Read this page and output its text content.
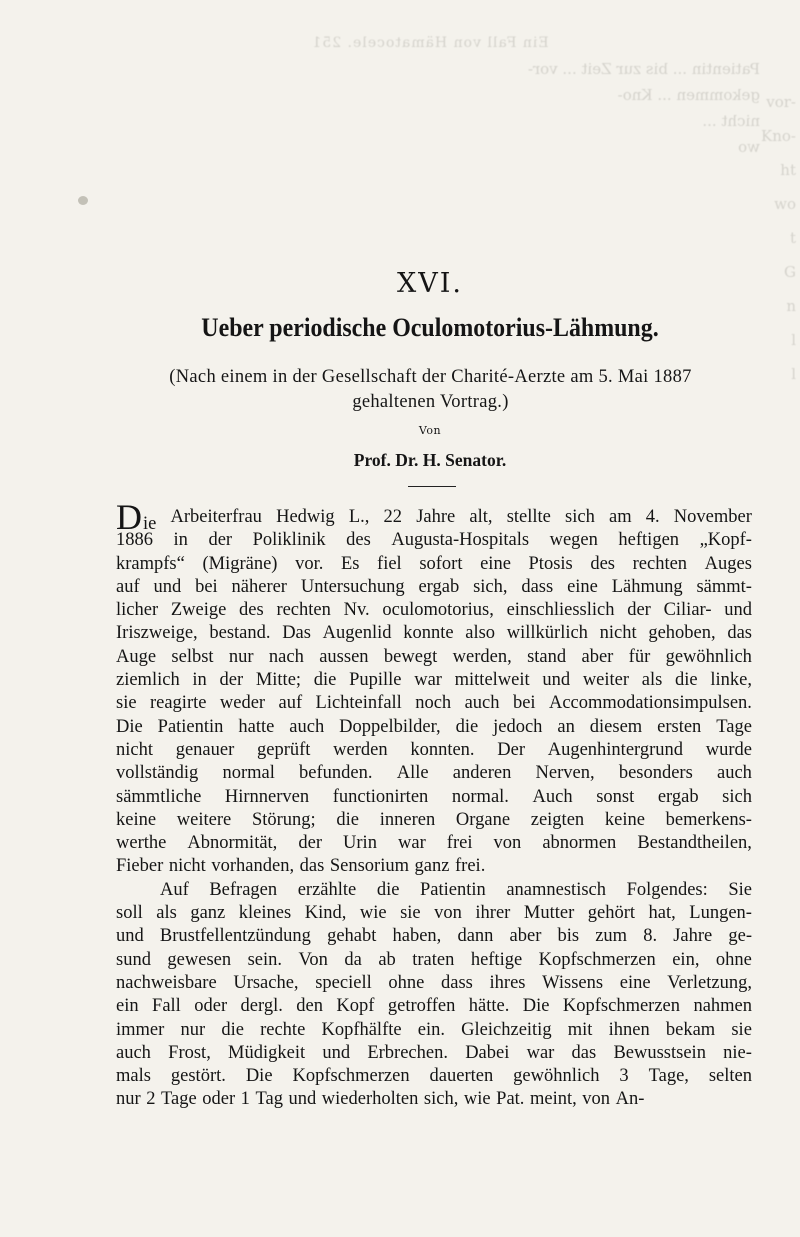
Ein Fall von Hämatocele. 251
Patientin ... bis zur Zeit ... vor-
gekommen ... Kno-
nicht ...
wo
vor-
Kno-
ht
wo
t
G
n
l
l
XVI.
Ueber periodische Oculomotorius-Lähmung.
(Nach einem in der Gesellschaft der Charité-Aerzte am 5. Mai 1887
gehaltenen Vortrag.)
Von
Prof. Dr. H. Senator.
Die Arbeiterfrau Hedwig L., 22 Jahre alt, stellte sich am 4. November
1886 in der Poliklinik des Augusta-Hospitals wegen heftigen „Kopf-
krampfs“ (Migräne) vor. Es fiel sofort eine Ptosis des rechten Auges
auf und bei näherer Untersuchung ergab sich, dass eine Lähmung sämmt-
licher Zweige des rechten Nv. oculomotorius, einschliesslich der Ciliar- und
Iriszweige, bestand. Das Augenlid konnte also willkürlich nicht gehoben, das
Auge selbst nur nach aussen bewegt werden, stand aber für gewöhnlich
ziemlich in der Mitte; die Pupille war mittelweit und weiter als die linke,
sie reagirte weder auf Lichteinfall noch auch bei Accommodationsimpulsen.
Die Patientin hatte auch Doppelbilder, die jedoch an diesem ersten Tage
nicht genauer geprüft werden konnten. Der Augenhintergrund wurde
vollständig normal befunden. Alle anderen Nerven, besonders auch
sämmtliche Hirnnerven functionirten normal. Auch sonst ergab sich
keine weitere Störung; die inneren Organe zeigten keine bemerkens-
werthe Abnormität, der Urin war frei von abnormen Bestandtheilen,
Fieber nicht vorhanden, das Sensorium ganz frei.
Auf Befragen erzählte die Patientin anamnestisch Folgendes: Sie
soll als ganz kleines Kind, wie sie von ihrer Mutter gehört hat, Lungen-
und Brustfellentzündung gehabt haben, dann aber bis zum 8. Jahre ge-
sund gewesen sein. Von da ab traten heftige Kopfschmerzen ein, ohne
nachweisbare Ursache, speciell ohne dass ihres Wissens eine Verletzung,
ein Fall oder dergl. den Kopf getroffen hätte. Die Kopfschmerzen nahmen
immer nur die rechte Kopfhälfte ein. Gleichzeitig mit ihnen bekam sie
auch Frost, Müdigkeit und Erbrechen. Dabei war das Bewusstsein nie-
mals gestört. Die Kopfschmerzen dauerten gewöhnlich 3 Tage, selten
nur 2 Tage oder 1 Tag und wiederholten sich, wie Pat. meint, von An-
